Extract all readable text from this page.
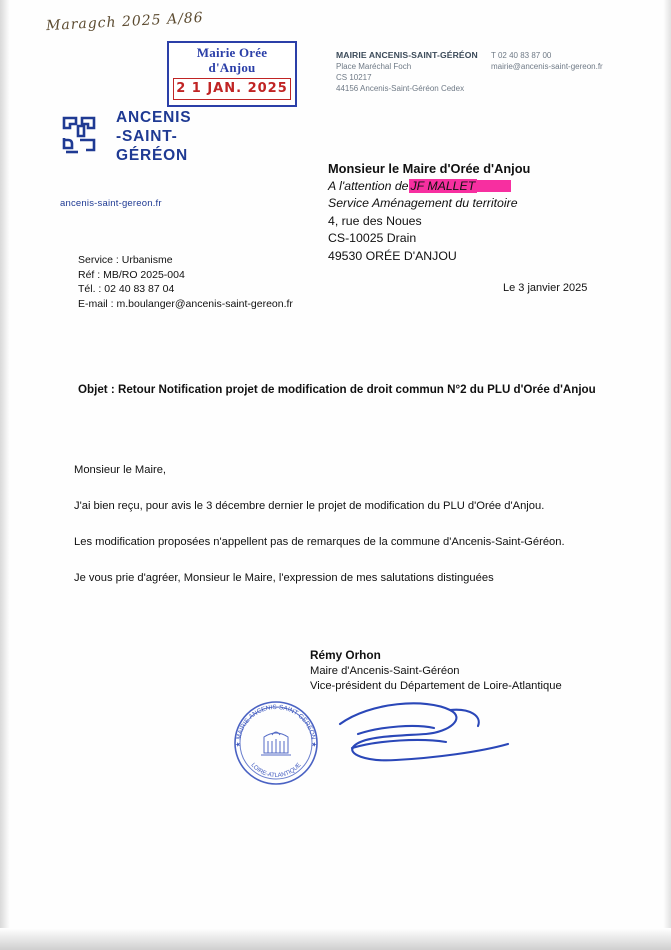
Maragch 2025 A/86
Mairie Orée d'Anjou
2 1 JAN. 2025
ANCENIS
-SAINT-
GÉRÉON
ancenis-saint-gereon.fr
MAIRIE ANCENIS-SAINT-GÉRÉON
Place Maréchal Foch
CS 10217
44156 Ancenis-Saint-Géréon Cedex
T 02 40 83 87 00
mairie@ancenis-saint-gereon.fr
Monsieur le Maire d'Orée d'Anjou
A l'attention de JF MALLET
Service Aménagement du territoire
4, rue des Noues
CS-10025 Drain
49530 ORÉE D'ANJOU
Service : Urbanisme
Réf : MB/RO 2025-004
Tél. : 02 40 83 87 04
E-mail : m.boulanger@ancenis-saint-gereon.fr
Le 3 janvier 2025
Objet : Retour Notification projet de modification de droit commun N°2 du PLU d'Orée d'Anjou

Monsieur le Maire,

J'ai bien reçu, pour avis le 3 décembre dernier le projet de modification du PLU d'Orée d'Anjou.

Les modification proposées n'appellent pas de remarques de la commune d'Ancenis-Saint-Géréon.

Je vous prie d'agréer, Monsieur le Maire, l'expression de mes salutations distinguées

Rémy Orhon
Maire d'Ancenis-Saint-Géréon
Vice-président du Département de Loire-Atlantique
★ MAIRIE ANCENIS-SAINT-GÉRÉON ★
LOIRE-ATLANTIQUE
